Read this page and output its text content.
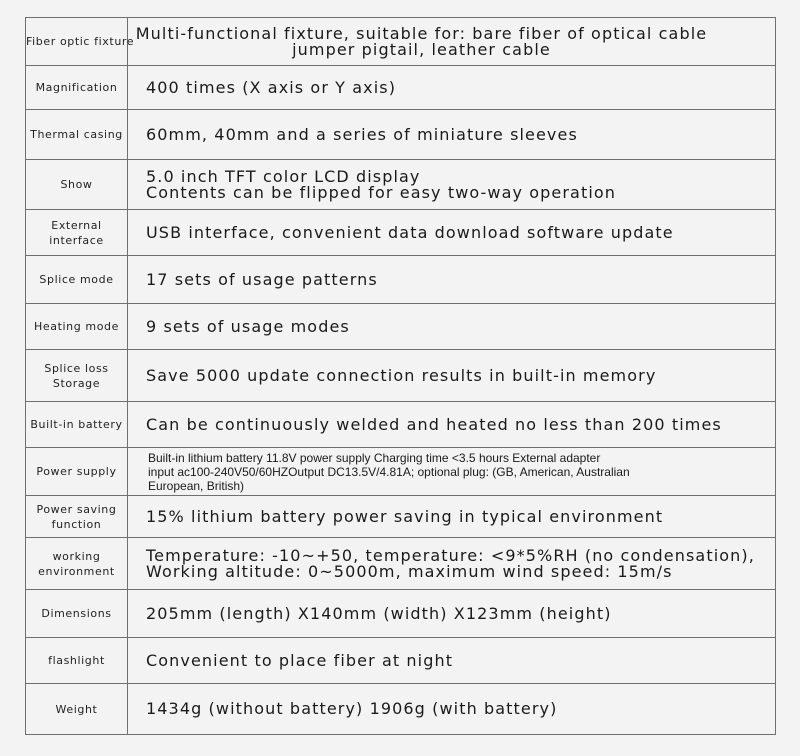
Fiber optic fixture	Multi-functional fixture, suitable for: bare fiber of optical cable
jumper pigtail, leather cable

Magnification	400 times (X axis or Y axis)

Thermal casing	60mm, 40mm and a series of miniature sleeves

Show	5.0 inch TFT color LCD display
Contents can be flipped for easy two-way operation

External
interface	USB interface, convenient data download software update

Splice mode	17 sets of usage patterns

Heating mode	9 sets of usage modes

Splice loss
Storage	Save 5000 update connection results in built-in memory

Built-in battery	Can be continuously welded and heated no less than 200 times

Power supply	Built-in lithium battery 11.8V power supply Charging time <3.5 hours External adapter
input ac100-240V50/60HZOutput DC13.5V/4.81A; optional plug: (GB, American, Australian
European, British)

Power saving
function	15% lithium battery power saving in typical environment

working
environment	Temperature: -10~+50, temperature: <9*5%RH (no condensation),
Working altitude: 0~5000m, maximum wind speed: 15m/s

Dimensions	205mm (length) X140mm (width) X123mm (height)

flashlight	Convenient to place fiber at night

Weight	1434g (without battery) 1906g (with battery)
